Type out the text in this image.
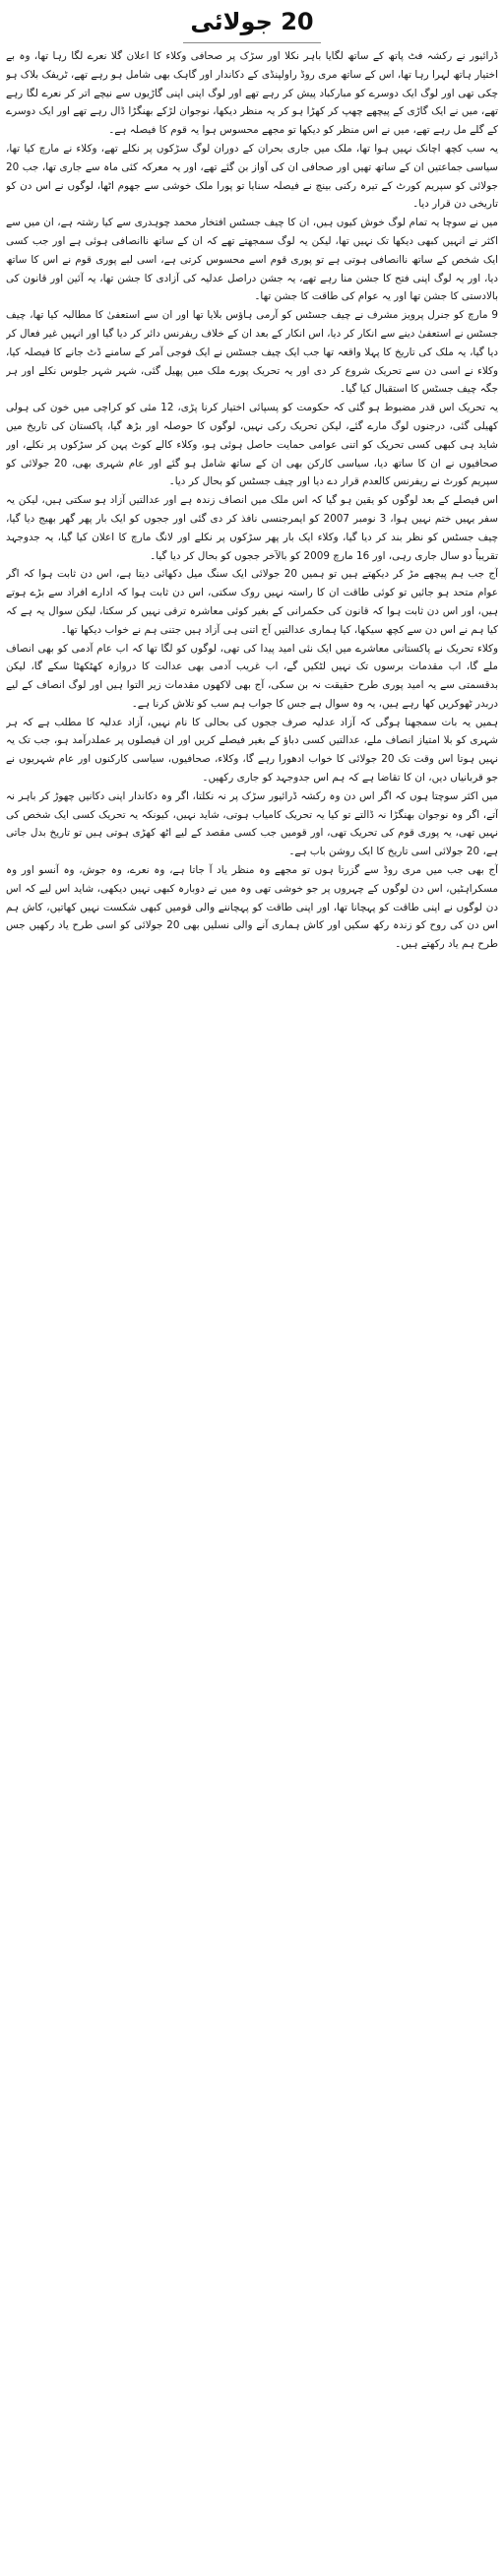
20 جولائی

ڈرائیور نے رکشہ فٹ پاتھ کے ساتھ لگایا باہر نکلا اور سڑک پر صحافی وکلاء کا اعلان گلا نعرے لگا رہا تھا، وہ بے اختیار ہاتھ لہرا رہا تھا، اس کے ساتھ مری روڈ راولپنڈی کے دکاندار اور گاہک بھی شامل ہو رہے تھے، ٹریفک بلاک ہو چکی تھی اور لوگ ایک دوسرے کو مبارکباد پیش کر رہے تھے اور لوگ اپنی اپنی گاڑیوں سے نیچے اتر کر نعرے لگا رہے تھے، میں نے ایک گاڑی کے پیچھے چھپ کر کھڑا ہو کر یہ منظر دیکھا، نوجوان لڑکے بھنگڑا ڈال رہے تھے اور ایک دوسرے کے گلے مل رہے تھے، میں نے اس منظر کو دیکھا تو مجھے محسوس ہوا یہ قوم کا فیصلہ ہے۔

یہ سب کچھ اچانک نہیں ہوا تھا، ملک میں جاری بحران کے دوران لوگ سڑکوں پر نکلے تھے، وکلاء نے مارچ کیا تھا، سیاسی جماعتیں ان کے ساتھ تھیں اور صحافی ان کی آواز بن گئے تھے، اور یہ معرکہ کئی ماہ سے جاری تھا، جب 20 جولائی کو سپریم کورٹ کے تیرہ رکنی بینچ نے فیصلہ سنایا تو پورا ملک خوشی سے جھوم اٹھا، لوگوں نے اس دن کو تاریخی دن قرار دیا۔

میں نے سوچا یہ تمام لوگ خوش کیوں ہیں، ان کا چیف جسٹس افتخار محمد چوہدری سے کیا رشتہ ہے، ان میں سے اکثر نے انہیں کبھی دیکھا تک نہیں تھا، لیکن یہ لوگ سمجھتے تھے کہ ان کے ساتھ ناانصافی ہوئی ہے اور جب کسی ایک شخص کے ساتھ ناانصافی ہوتی ہے تو پوری قوم اسے محسوس کرتی ہے، اسی لیے پوری قوم نے اس کا ساتھ دیا، اور یہ لوگ اپنی فتح کا جشن منا رہے تھے، یہ جشن دراصل عدلیہ کی آزادی کا جشن تھا، یہ آئین اور قانون کی بالادستی کا جشن تھا اور یہ عوام کی طاقت کا جشن تھا۔

9 مارچ کو جنرل پرویز مشرف نے چیف جسٹس کو آرمی ہاؤس بلایا تھا اور ان سے استعفیٰ کا مطالبہ کیا تھا، چیف جسٹس نے استعفیٰ دینے سے انکار کر دیا، اس انکار کے بعد ان کے خلاف ریفرنس دائر کر دیا گیا اور انہیں غیر فعال کر دیا گیا، یہ ملک کی تاریخ کا پہلا واقعہ تھا جب ایک چیف جسٹس نے ایک فوجی آمر کے سامنے ڈٹ جانے کا فیصلہ کیا، وکلاء نے اسی دن سے تحریک شروع کر دی اور یہ تحریک پورے ملک میں پھیل گئی، شہر شہر جلوس نکلے اور ہر جگہ چیف جسٹس کا استقبال کیا گیا۔

یہ تحریک اس قدر مضبوط ہو گئی کہ حکومت کو پسپائی اختیار کرنا پڑی، 12 مئی کو کراچی میں خون کی ہولی کھیلی گئی، درجنوں لوگ مارے گئے، لیکن تحریک رکی نہیں، لوگوں کا حوصلہ اور بڑھ گیا، پاکستان کی تاریخ میں شاید ہی کبھی کسی تحریک کو اتنی عوامی حمایت حاصل ہوئی ہو، وکلاء کالے کوٹ پہن کر سڑکوں پر نکلے، اور صحافیوں نے ان کا ساتھ دیا، سیاسی کارکن بھی ان کے ساتھ شامل ہو گئے اور عام شہری بھی، 20 جولائی کو سپریم کورٹ نے ریفرنس کالعدم قرار دے دیا اور چیف جسٹس کو بحال کر دیا۔

اس فیصلے کے بعد لوگوں کو یقین ہو گیا کہ اس ملک میں انصاف زندہ ہے اور عدالتیں آزاد ہو سکتی ہیں، لیکن یہ سفر یہیں ختم نہیں ہوا، 3 نومبر 2007 کو ایمرجنسی نافذ کر دی گئی اور ججوں کو ایک بار پھر گھر بھیج دیا گیا، چیف جسٹس کو نظر بند کر دیا گیا، وکلاء ایک بار پھر سڑکوں پر نکلے اور لانگ مارچ کا اعلان کیا گیا، یہ جدوجہد تقریباً دو سال جاری رہی، اور 16 مارچ 2009 کو بالآخر ججوں کو بحال کر دیا گیا۔

آج جب ہم پیچھے مڑ کر دیکھتے ہیں تو ہمیں 20 جولائی ایک سنگ میل دکھائی دیتا ہے، اس دن ثابت ہوا کہ اگر عوام متحد ہو جائیں تو کوئی طاقت ان کا راستہ نہیں روک سکتی، اس دن ثابت ہوا کہ ادارے افراد سے بڑے ہوتے ہیں، اور اس دن ثابت ہوا کہ قانون کی حکمرانی کے بغیر کوئی معاشرہ ترقی نہیں کر سکتا، لیکن سوال یہ ہے کہ کیا ہم نے اس دن سے کچھ سیکھا، کیا ہماری عدالتیں آج اتنی ہی آزاد ہیں جتنی ہم نے خواب دیکھا تھا۔

وکلاء تحریک نے پاکستانی معاشرے میں ایک نئی امید پیدا کی تھی، لوگوں کو لگا تھا کہ اب عام آدمی کو بھی انصاف ملے گا، اب مقدمات برسوں تک نہیں لٹکیں گے، اب غریب آدمی بھی عدالت کا دروازہ کھٹکھٹا سکے گا، لیکن بدقسمتی سے یہ امید پوری طرح حقیقت نہ بن سکی، آج بھی لاکھوں مقدمات زیر التوا ہیں اور لوگ انصاف کے لیے دربدر ٹھوکریں کھا رہے ہیں، یہ وہ سوال ہے جس کا جواب ہم سب کو تلاش کرنا ہے۔

ہمیں یہ بات سمجھنا ہوگی کہ آزاد عدلیہ صرف ججوں کی بحالی کا نام نہیں، آزاد عدلیہ کا مطلب ہے کہ ہر شہری کو بلا امتیاز انصاف ملے، عدالتیں کسی دباؤ کے بغیر فیصلے کریں اور ان فیصلوں پر عملدرآمد ہو، جب تک یہ نہیں ہوتا اس وقت تک 20 جولائی کا خواب ادھورا رہے گا، وکلاء، صحافیوں، سیاسی کارکنوں اور عام شہریوں نے جو قربانیاں دیں، ان کا تقاضا ہے کہ ہم اس جدوجہد کو جاری رکھیں۔

میں اکثر سوچتا ہوں کہ اگر اس دن وہ رکشہ ڈرائیور سڑک پر نہ نکلتا، اگر وہ دکاندار اپنی دکانیں چھوڑ کر باہر نہ آتے، اگر وہ نوجوان بھنگڑا نہ ڈالتے تو کیا یہ تحریک کامیاب ہوتی، شاید نہیں، کیونکہ یہ تحریک کسی ایک شخص کی نہیں تھی، یہ پوری قوم کی تحریک تھی، اور قومیں جب کسی مقصد کے لیے اٹھ کھڑی ہوتی ہیں تو تاریخ بدل جاتی ہے، 20 جولائی اسی تاریخ کا ایک روشن باب ہے۔

آج بھی جب میں مری روڈ سے گزرتا ہوں تو مجھے وہ منظر یاد آ جاتا ہے، وہ نعرے، وہ جوش، وہ آنسو اور وہ مسکراہٹیں، اس دن لوگوں کے چہروں پر جو خوشی تھی وہ میں نے دوبارہ کبھی نہیں دیکھی، شاید اس لیے کہ اس دن لوگوں نے اپنی طاقت کو پہچانا تھا، اور اپنی طاقت کو پہچاننے والی قومیں کبھی شکست نہیں کھاتیں، کاش ہم اس دن کی روح کو زندہ رکھ سکیں اور کاش ہماری آنے والی نسلیں بھی 20 جولائی کو اسی طرح یاد رکھیں جس طرح ہم یاد رکھتے ہیں۔
